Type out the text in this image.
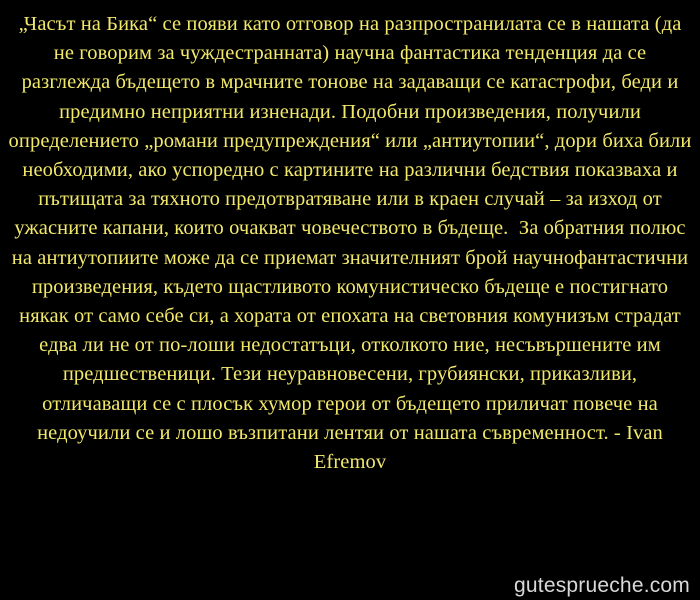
„Часът на Бика“ се появи като отговор на разпространилата се в нашата (да не говорим за чуждестранната) научна фантастика тенденция да се разглежда бъдещето в мрачните тонове на задаващи се катастрофи, беди и предимно неприятни изненади. Подобни произведения, получили определението „романи предупреждения“ или „антиутопии“, дори биха били необходими, ако успоредно с картините на различни бедствия показваха и пътищата за тяхното предотвратяване или в краен случай – за изход от ужасните капани, които очакват човечеството в бъдеще.  За обратния полюс на антиутопиите може да се приемат значителният брой научнофантастични произведения, където щастливото комунистическо бъдеще е постигнато някак от само себе си, а хората от епохата на световния комунизъм страдат едва ли не от по-лоши недостатъци, отколкото ние, несъвършените им предшественици. Тези неуравновесени, грубиянски, приказливи, отличаващи се с плосък хумор герои от бъдещето приличат повече на недоучили се и лошо възпитани лентяи от нашата съвременност. - Ivan Efremov

gutesprueche.com
